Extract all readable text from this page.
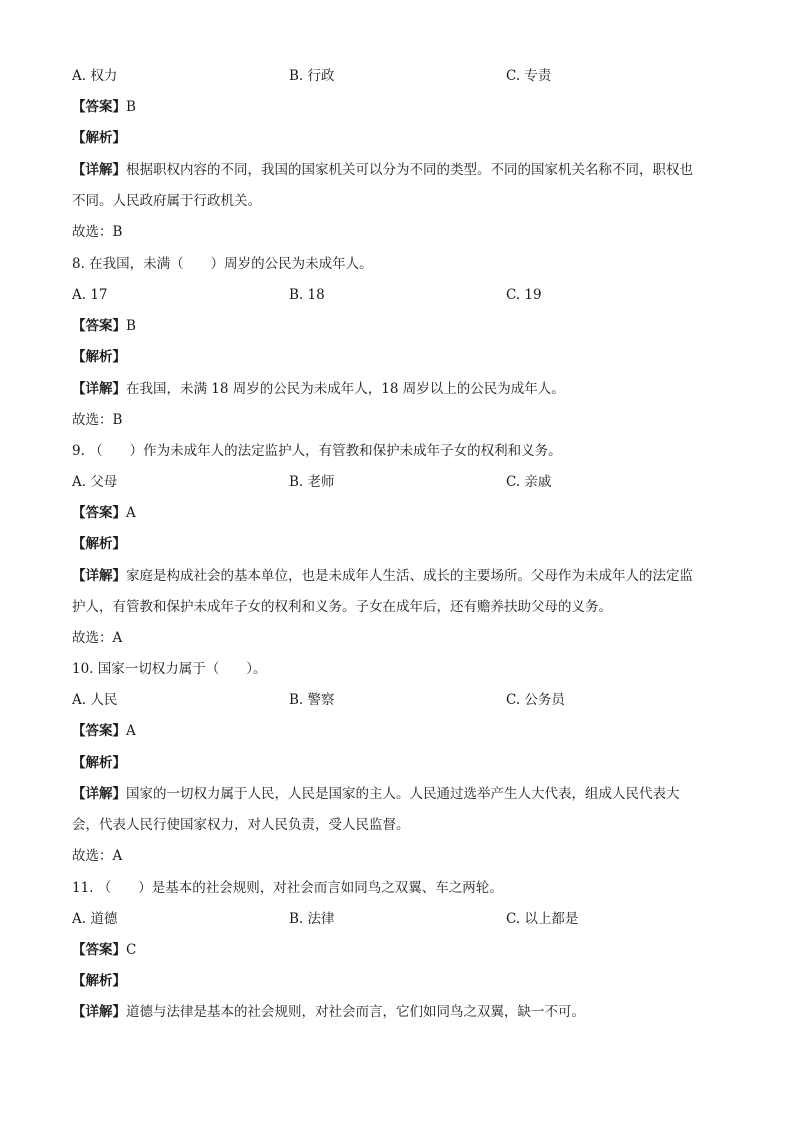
A. 权力	B. 行政	C. 专责
【答案】B
【解析】
【详解】根据职权内容的不同，我国的国家机关可以分为不同的类型。不同的国家机关名称不同，职权也
不同。人民政府属于行政机关。
故选：B
8. 在我国，未满（　　）周岁的公民为未成年人。
A. 17	B. 18	C. 19
【答案】B
【解析】
【详解】在我国，未满 18 周岁的公民为未成年人，18 周岁以上的公民为成年人。
故选：B
9. （　　）作为未成年人的法定监护人，有管教和保护未成年子女的权利和义务。
A. 父母	B. 老师	C. 亲戚
【答案】A
【解析】
【详解】家庭是构成社会的基本单位，也是未成年人生活、成长的主要场所。父母作为未成年人的法定监
护人，有管教和保护未成年子女的权利和义务。子女在成年后，还有赡养扶助父母的义务。
故选：A
10. 国家一切权力属于（　　）。
A. 人民	B. 警察	C. 公务员
【答案】A
【解析】
【详解】国家的一切权力属于人民，人民是国家的主人。人民通过选举产生人大代表，组成人民代表大
会，代表人民行使国家权力，对人民负责，受人民监督。
故选：A
11. （　　）是基本的社会规则，对社会而言如同鸟之双翼、车之两轮。
A. 道德	B. 法律	C. 以上都是
【答案】C
【解析】
【详解】道德与法律是基本的社会规则，对社会而言，它们如同鸟之双翼，缺一不可。
